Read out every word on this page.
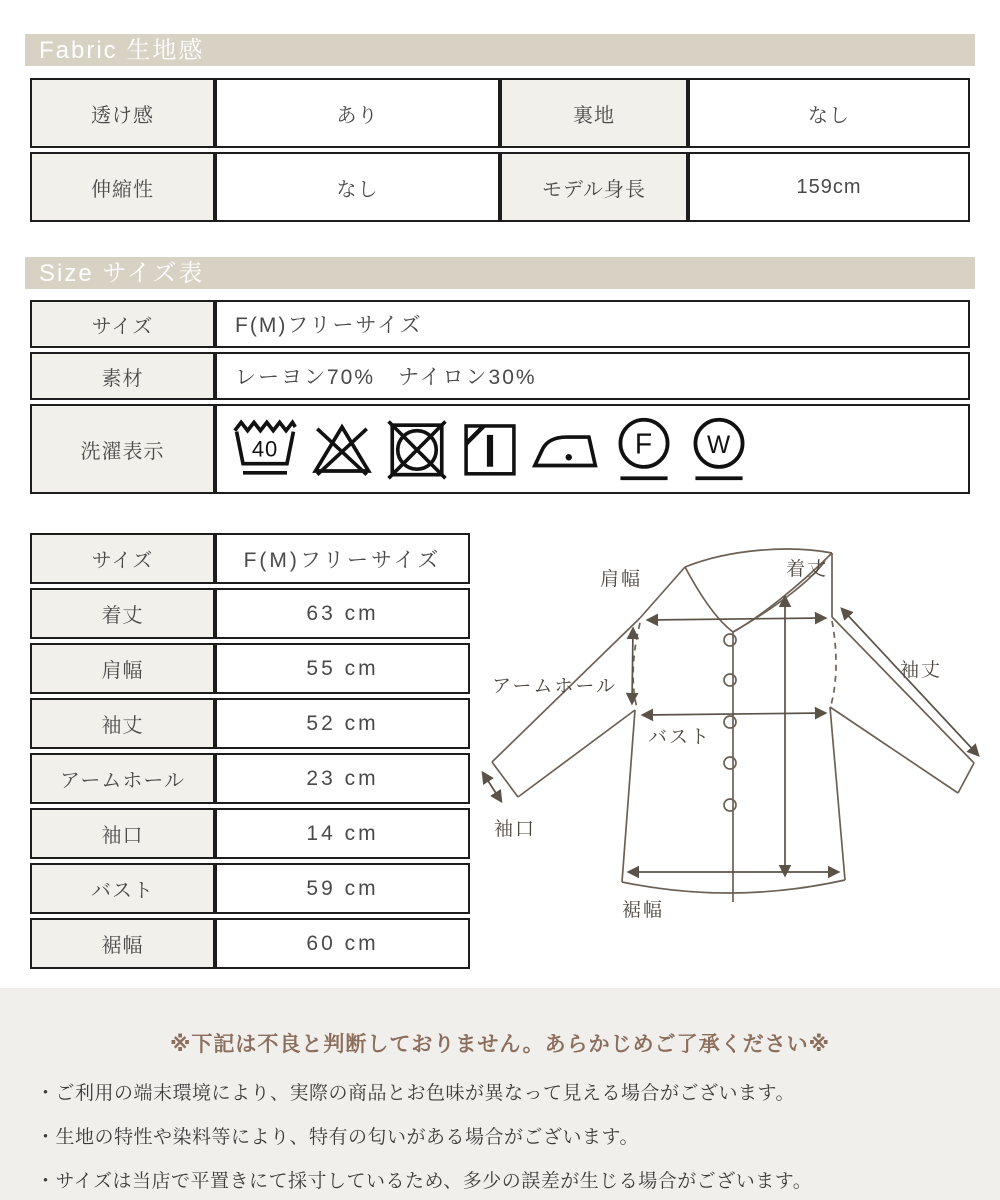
Fabric 生地感
透け感	あり	裏地	なし
伸縮性	なし	モデル身長	159cm
Size サイズ表
サイズ	F(M)フリーサイズ
素材	レーヨン70%　ナイロン30%
洗濯表示	40 F W
サイズ	F(M)フリーサイズ
着丈	63 cm
肩幅	55 cm
袖丈	52 cm
アームホール	23 cm
袖口	14 cm
バスト	59 cm
裾幅	60 cm
肩幅	着丈
袖丈
アームホール
バスト
袖口
裾幅
※下記は不良と判断しておりません。あらかじめご了承ください※
・ご利用の端末環境により、実際の商品とお色味が異なって見える場合がございます。
・生地の特性や染料等により、特有の匂いがある場合がございます。
・サイズは当店で平置きにて採寸しているため、多少の誤差が生じる場合がございます。
